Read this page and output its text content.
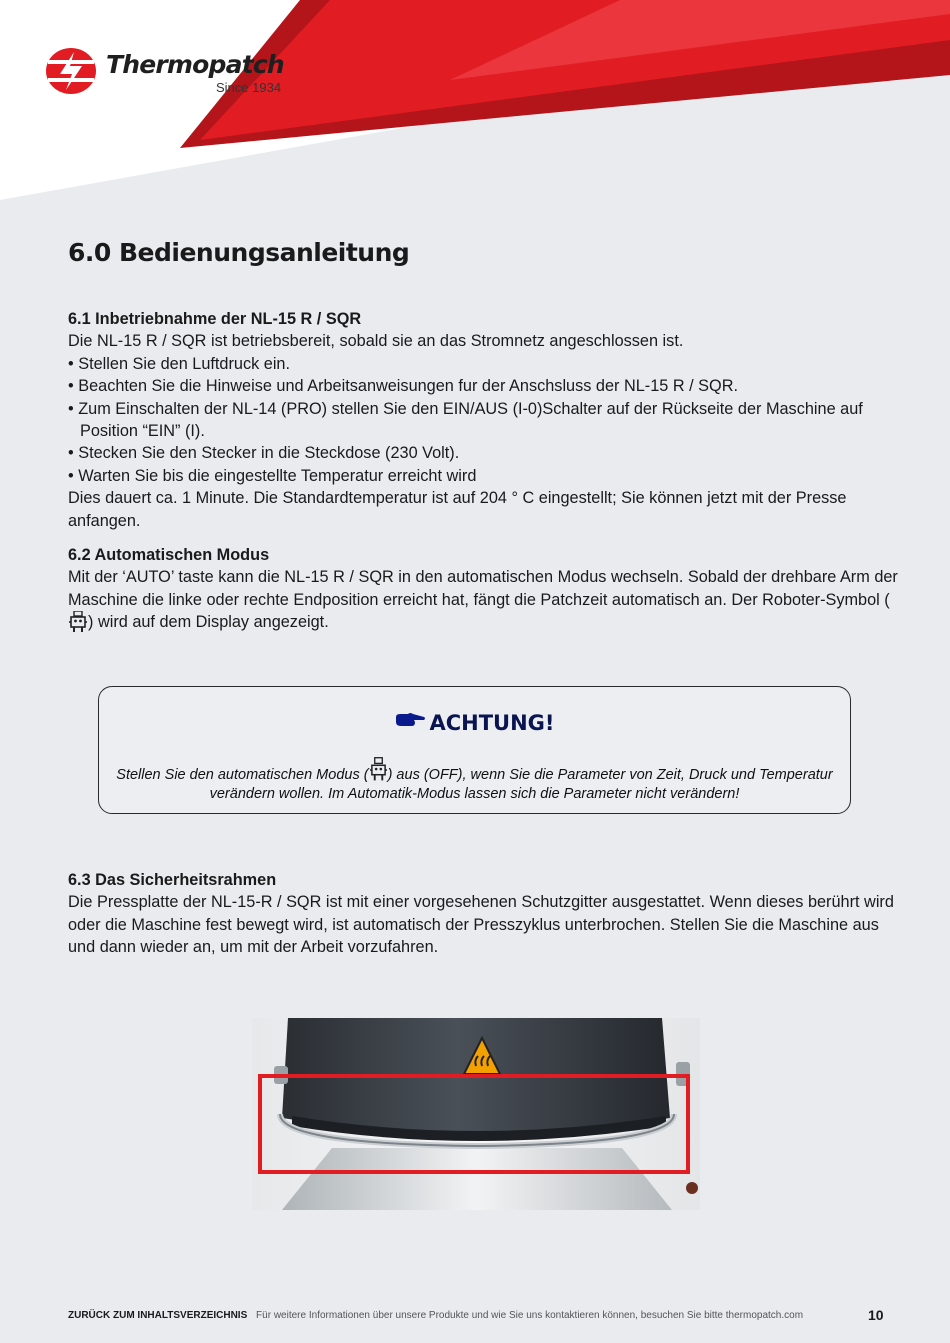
Thermopatch
Since 1934
6.0 Bedienungsanleitung
6.1 Inbetriebnahme der NL-15 R / SQR

Die NL-15 R / SQR ist betriebsbereit, sobald sie an das Stromnetz angeschlossen ist.

• Stellen Sie den Luftdruck ein.
• Beachten Sie die Hinweise und Arbeitsanweisungen fur der Anschsluss der NL-15 R / SQR.
• Zum Einschalten der NL-14 (PRO) stellen Sie den EIN/AUS (I-0)Schalter auf der Rückseite der Maschine auf Position “EIN” (I).
• Stecken Sie den Stecker in die Steckdose (230 Volt).
• Warten Sie bis die eingestellte Temperatur erreicht wird

Dies dauert ca. 1 Minute. Die Standardtemperatur ist auf 204 ° C eingestellt; Sie können jetzt mit der Presse anfangen.

6.2 Automatischen Modus

Mit der ‘AUTO’ taste kann die NL-15 R / SQR in den automatischen Modus wechseln. Sobald der drehbare Arm der Maschine die linke oder rechte Endposition erreicht hat, fängt die Patchzeit automatisch an. Der Roboter-Symbol () wird auf dem Display angezeigt.

ACHTUNG!
Stellen Sie den automatischen Modus ( ) aus (OFF), wenn Sie die Parameter von Zeit, Druck und Temperatur verändern wollen. Im Automatik-Modus lassen sich die Parameter nicht verändern!
6.3 Das Sicherheitsrahmen

Die Pressplatte der NL-15-R / SQR ist mit einer vorgesehenen Schutzgitter ausgestattet. Wenn dieses berührt wird oder die Maschine fest bewegt wird, ist automatisch der Presszyklus unterbrochen. Stellen Sie die Maschine aus und dann wieder an, um mit der Arbeit vorzufahren.

ZURÜCK ZUM INHALTSVERZEICHNIS Für weitere Informationen über unsere Produkte und wie Sie uns kontaktieren können, besuchen Sie bitte thermopatch.com	10
